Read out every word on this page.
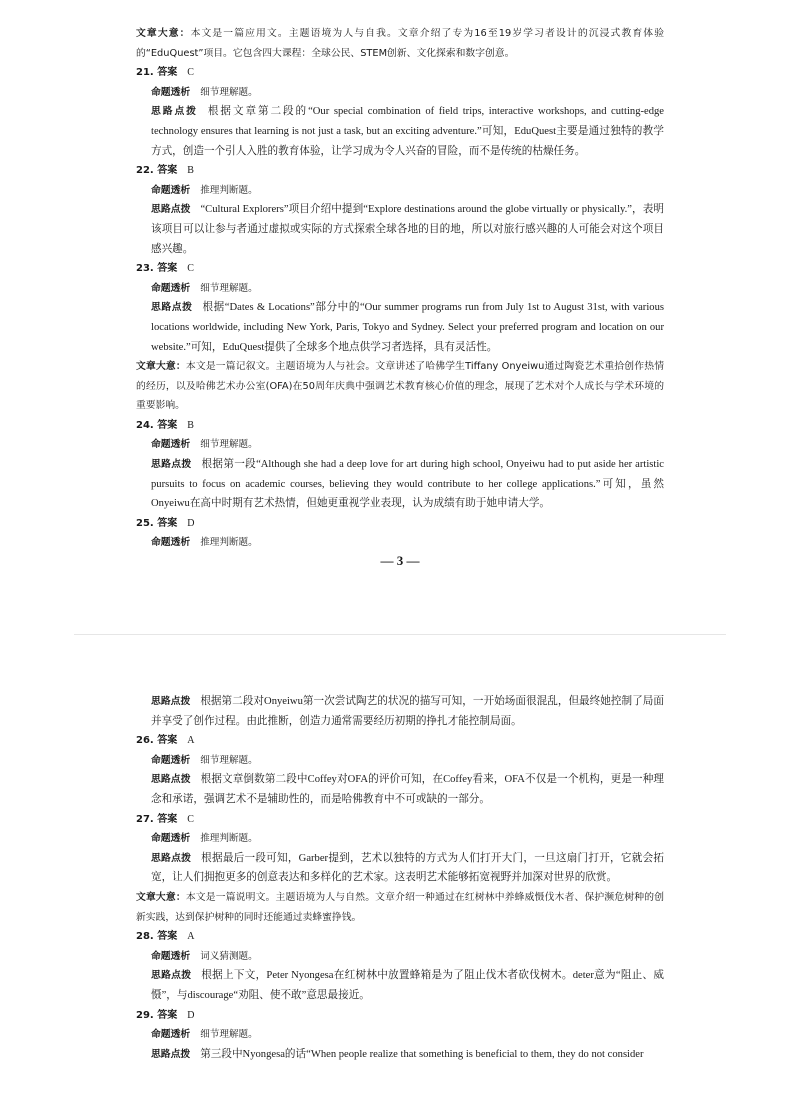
文章大意：本文是一篇应用文。主题语境为人与自我。文章介绍了专为16至19岁学习者设计的沉浸式教育体验的“EduQuest”项目。它包含四大课程：全球公民、STEM创新、文化探索和数字创意。

21. 答案 C

命题透析 细节理解题。

思路点拨 根据文章第二段的“Our special combination of field trips, interactive workshops, and cutting-edge technology ensures that learning is not just a task, but an exciting adventure.”可知，EduQuest主要是通过独特的教学方式，创造一个引人入胜的教育体验，让学习成为令人兴奋的冒险，而不是传统的枯燥任务。

22. 答案 B

命题透析 推理判断题。

思路点拨 “Cultural Explorers”项目介绍中提到“Explore destinations around the globe virtually or physically.”，表明该项目可以让参与者通过虚拟或实际的方式探索全球各地的目的地，所以对旅行感兴趣的人可能会对这个项目感兴趣。

23. 答案 C

命题透析 细节理解题。

思路点拨 根据“Dates & Locations”部分中的“Our summer programs run from July 1st to August 31st, with various locations worldwide, including New York, Paris, Tokyo and Sydney. Select your preferred program and location on our website.”可知，EduQuest提供了全球多个地点供学习者选择，具有灵活性。

文章大意：本文是一篇记叙文。主题语境为人与社会。文章讲述了哈佛学生Tiffany Onyeiwu通过陶瓷艺术重拾创作热情的经历，以及哈佛艺术办公室(OFA)在50周年庆典中强调艺术教育核心价值的理念，展现了艺术对个人成长与学术环境的重要影响。

24. 答案 B

命题透析 细节理解题。

思路点拨 根据第一段“Although she had a deep love for art during high school, Onyeiwu had to put aside her artistic pursuits to focus on academic courses, believing they would contribute to her college applications.”可知，虽然Onyeiwu在高中时期有艺术热情，但她更重视学业表现，认为成绩有助于她申请大学。

25. 答案 D

命题透析 推理判断题。

— 3 —

思路点拨 根据第二段对Onyeiwu第一次尝试陶艺的状况的描写可知，一开始场面很混乱，但最终她控制了局面并享受了创作过程。由此推断，创造力通常需要经历初期的挣扎才能控制局面。

26. 答案 A

命题透析 细节理解题。

思路点拨 根据文章倒数第二段中Coffey对OFA的评价可知，在Coffey看来，OFA不仅是一个机构，更是一种理念和承诺，强调艺术不是辅助性的，而是哈佛教育中不可或缺的一部分。

27. 答案 C

命题透析 推理判断题。

思路点拨 根据最后一段可知，Garber提到，艺术以独特的方式为人们打开大门，一旦这扇门打开，它就会拓宽，让人们拥抱更多的创意表达和多样化的艺术家。这表明艺术能够拓宽视野并加深对世界的欣赏。

文章大意：本文是一篇说明文。主题语境为人与自然。文章介绍一种通过在红树林中养蜂威慑伐木者、保护濒危树种的创新实践，达到保护树种的同时还能通过卖蜂蜜挣钱。

28. 答案 A

命题透析 词义猜测题。

思路点拨 根据上下文，Peter Nyongesa在红树林中放置蜂箱是为了阻止伐木者砍伐树木。deter意为“阻止、威慑”，与discourage“劝阻、使不敢”意思最接近。

29. 答案 D

命题透析 细节理解题。

思路点拨 第三段中Nyongesa的话“When people realize that something is beneficial to them, they do not consider
